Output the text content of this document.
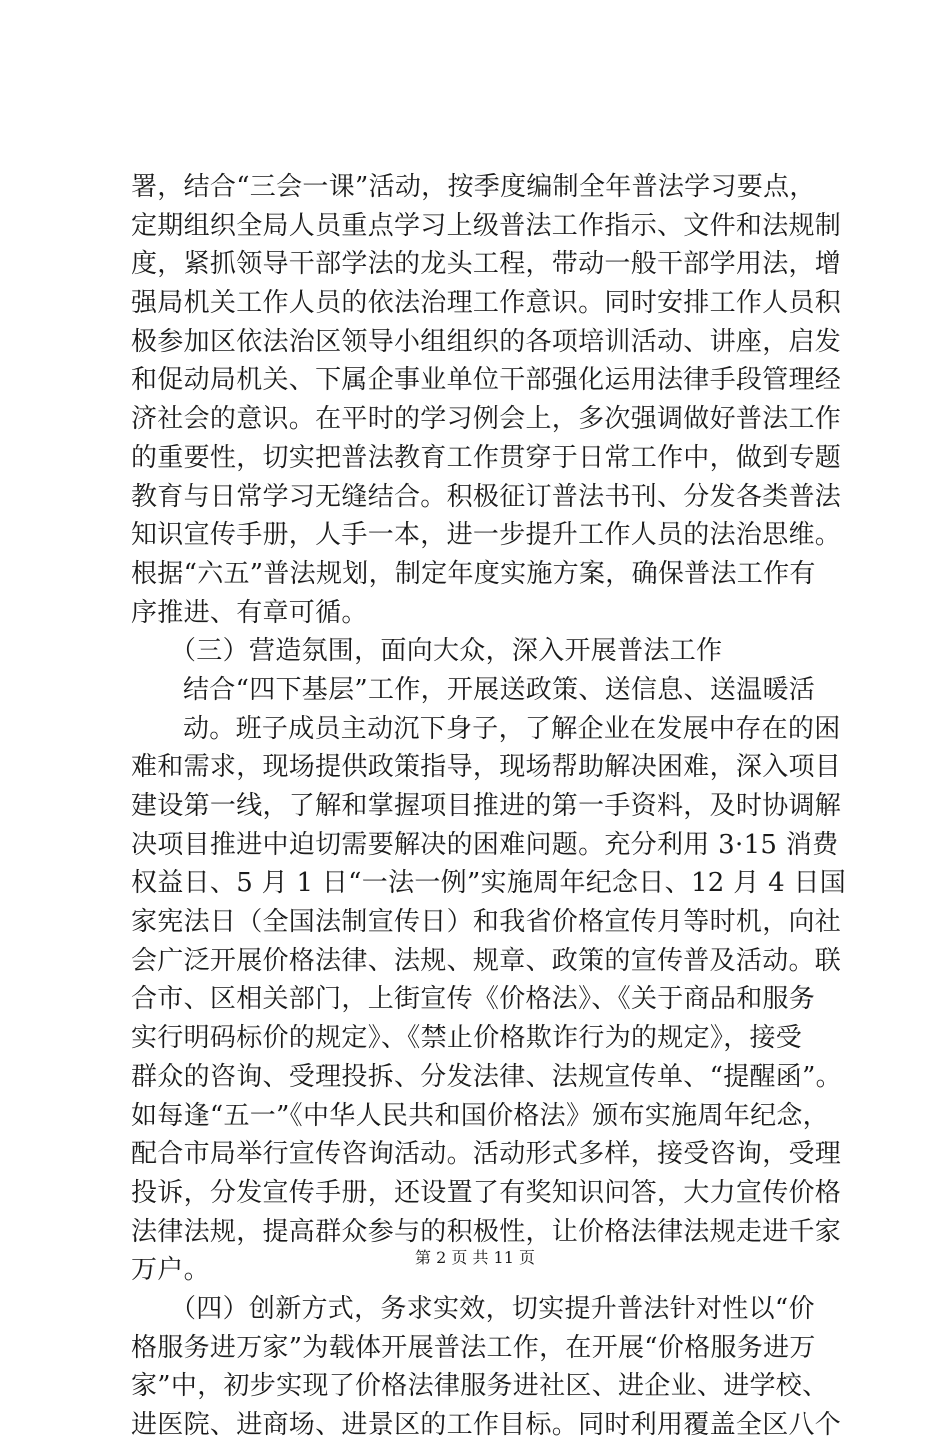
署，结合“三会一课”活动，按季度编制全年普法学习要点，
定期组织全局人员重点学习上级普法工作指示、文件和法规制
度，紧抓领导干部学法的龙头工程，带动一般干部学用法，增
强局机关工作人员的依法治理工作意识。同时安排工作人员积
极参加区依法治区领导小组组织的各项培训活动、讲座，启发
和促动局机关、下属企事业单位干部强化运用法律手段管理经
济社会的意识。在平时的学习例会上，多次强调做好普法工作
的重要性，切实把普法教育工作贯穿于日常工作中，做到专题
教育与日常学习无缝结合。积极征订普法书刊、分发各类普法
知识宣传手册，人手一本，进一步提升工作人员的法治思维。
根据“六五”普法规划，制定年度实施方案，确保普法工作有
序推进、有章可循。
（三）营造氛围，面向大众，深入开展普法工作
结合“四下基层”工作，开展送政策、送信息、送温暖活
动。班子成员主动沉下身子，了解企业在发展中存在的困
难和需求，现场提供政策指导，现场帮助解决困难，深入项目
建设第一线，了解和掌握项目推进的第一手资料，及时协调解
决项目推进中迫切需要解决的困难问题。充分利用 3·15 消费
权益日、5 月 1 日“一法一例”实施周年纪念日、12 月 4 日国
家宪法日（全国法制宣传日）和我省价格宣传月等时机，向社
会广泛开展价格法律、法规、规章、政策的宣传普及活动。联
合市、区相关部门，上街宣传《价格法》、《关于商品和服务
实行明码标价的规定》、《禁止价格欺诈行为的规定》，接受
群众的咨询、受理投拆、分发法律、法规宣传单、“提醒函”。
如每逢“五一”《中华人民共和国价格法》颁布实施周年纪念，
配合市局举行宣传咨询活动。活动形式多样，接受咨询，受理
投诉，分发宣传手册，还设置了有奖知识问答，大力宣传价格
法律法规，提高群众参与的积极性，让价格法律法规走进千家
万户。
（四）创新方式，务求实效，切实提升普法针对性以“价
格服务进万家”为载体开展普法工作，在开展“价格服务进万
家”中，初步实现了价格法律服务进社区、进企业、进学校、
进医院、进商场、进景区的工作目标。同时利用覆盖全区八个
第 2 页 共 11 页
